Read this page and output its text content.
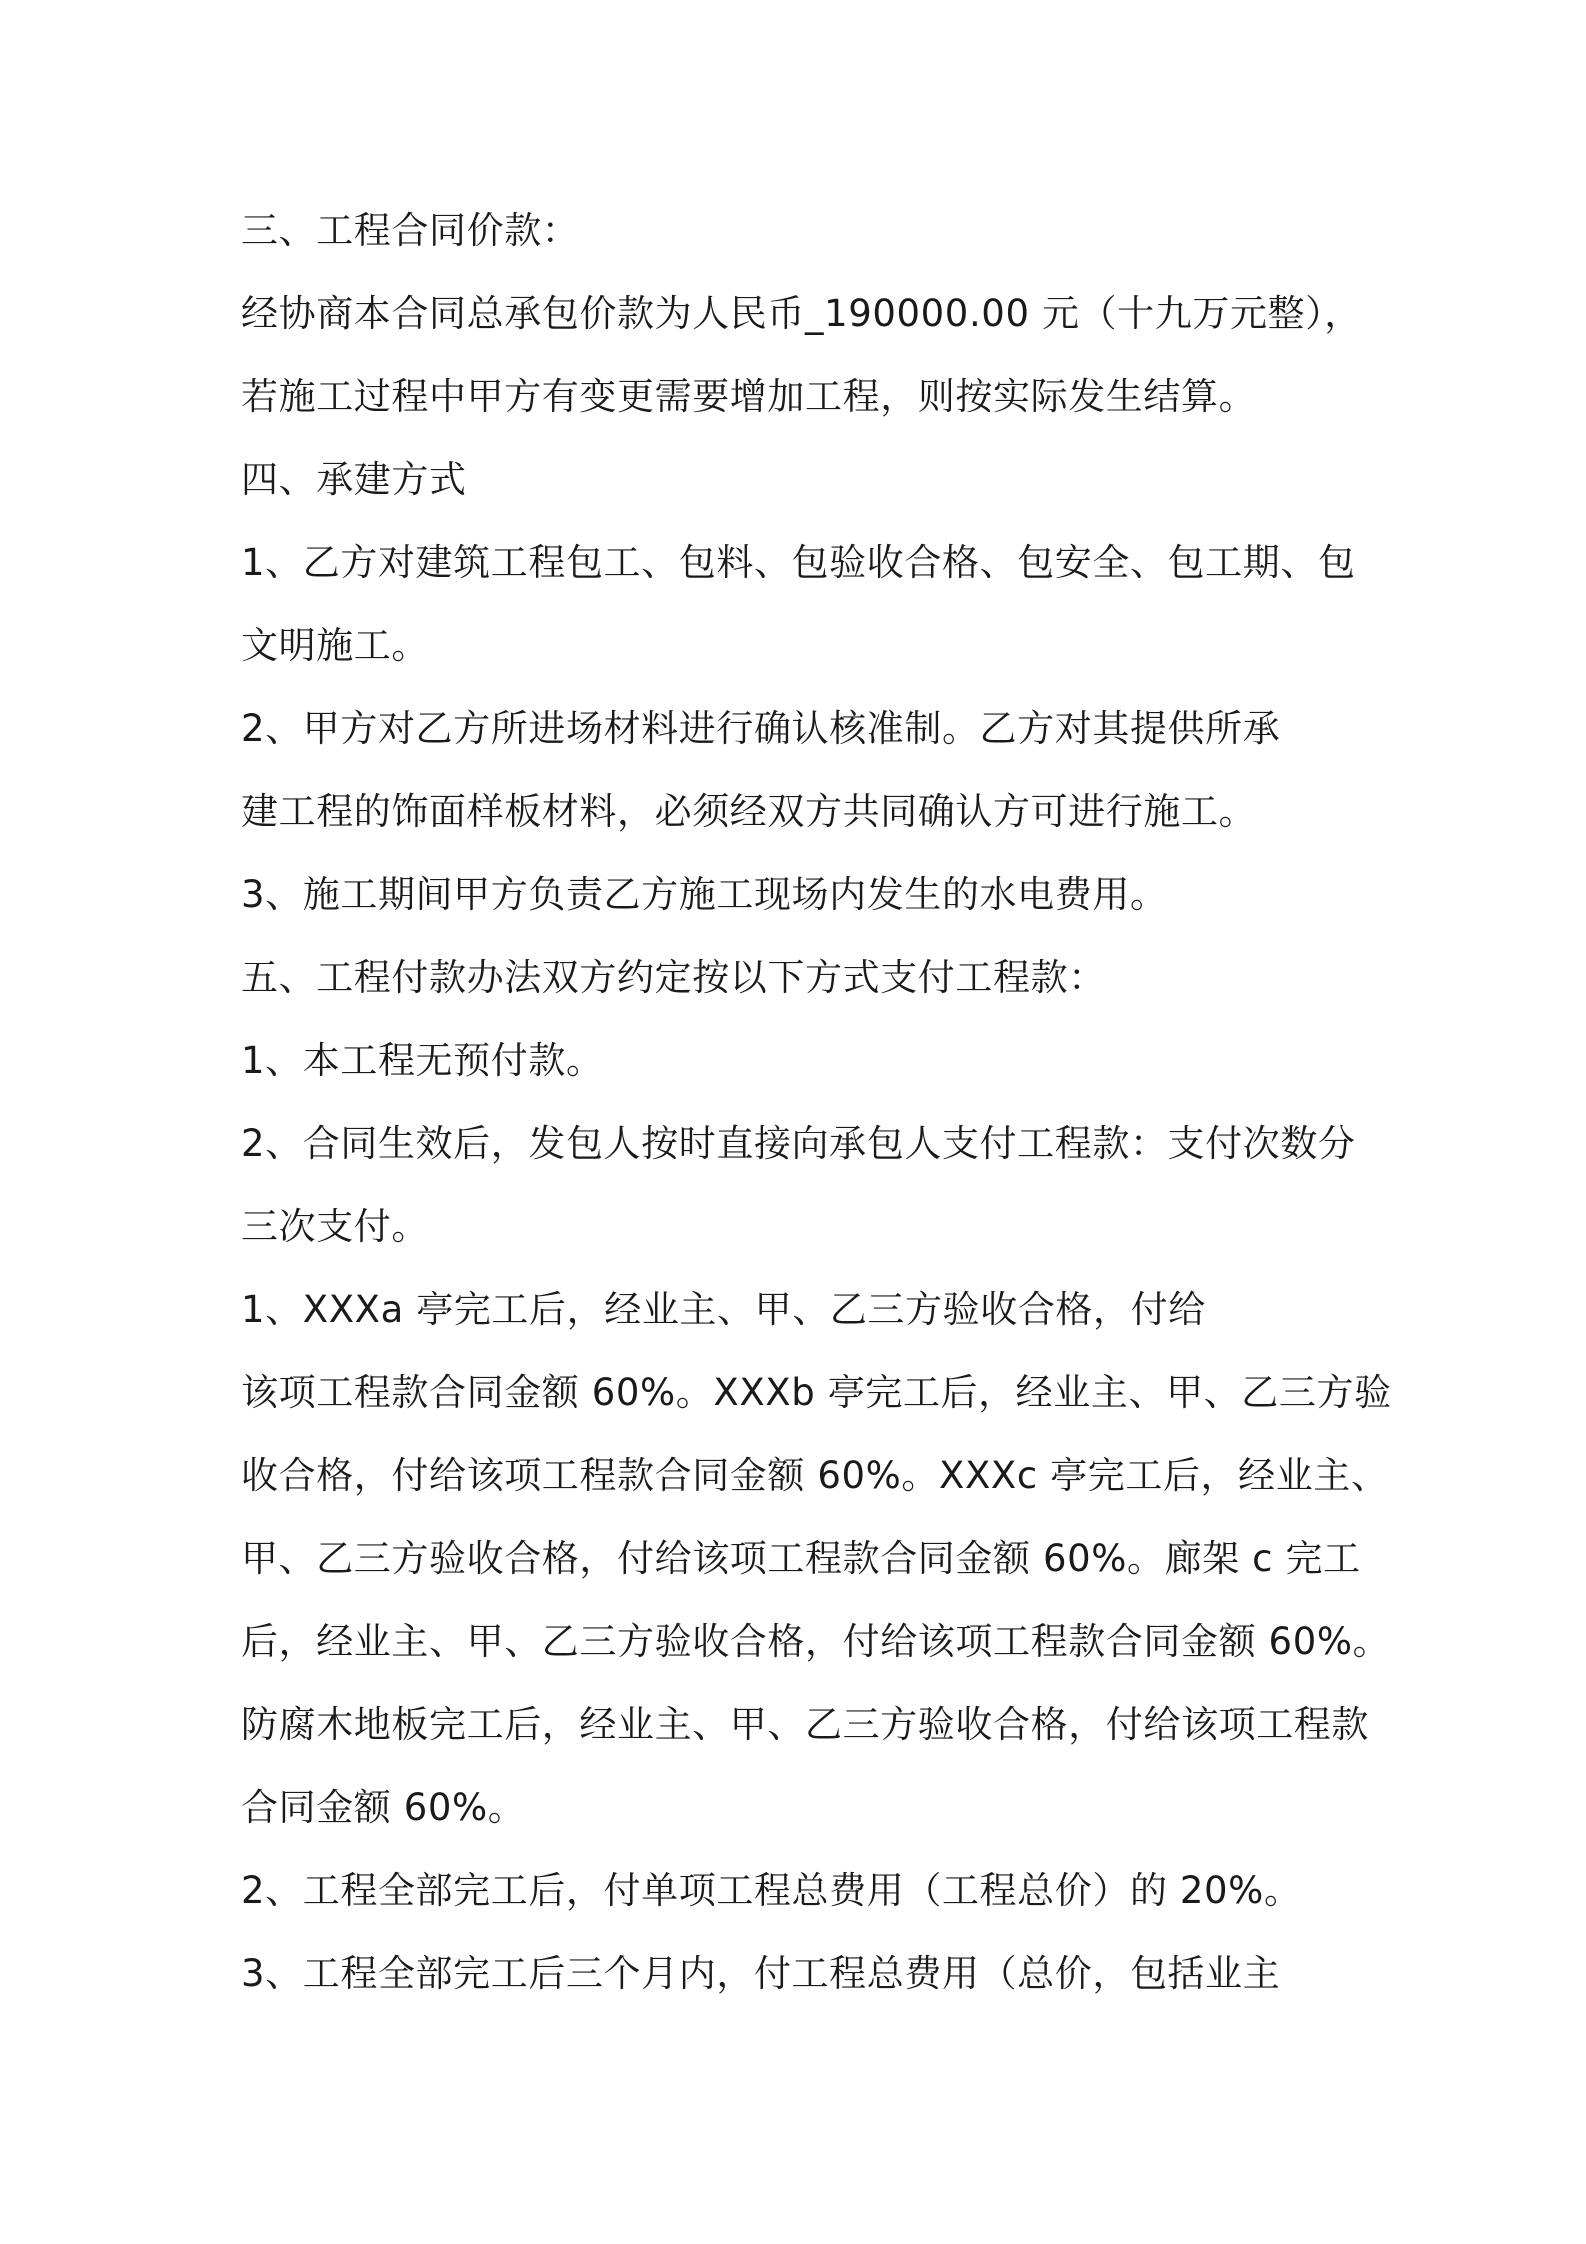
三、工程合同价款：
经协商本合同总承包价款为人民币_190000.00 元（十九万元整），
若施工过程中甲方有变更需要增加工程，则按实际发生结算。
四、承建方式
1、乙方对建筑工程包工、包料、包验收合格、包安全、包工期、包
文明施工。
2、甲方对乙方所进场材料进行确认核准制。乙方对其提供所承
建工程的饰面样板材料，必须经双方共同确认方可进行施工。
3、施工期间甲方负责乙方施工现场内发生的水电费用。
五、工程付款办法双方约定按以下方式支付工程款：
1、本工程无预付款。
2、合同生效后，发包人按时直接向承包人支付工程款：支付次数分
三次支付。
1、XXXa 亭完工后，经业主、甲、乙三方验收合格，付给
该项工程款合同金额 60%。XXXb 亭完工后，经业主、甲、乙三方验
收合格，付给该项工程款合同金额 60%。XXXc 亭完工后，经业主、
甲、乙三方验收合格，付给该项工程款合同金额 60%。廊架 c 完工
后，经业主、甲、乙三方验收合格，付给该项工程款合同金额 60%。
防腐木地板完工后，经业主、甲、乙三方验收合格，付给该项工程款
合同金额 60%。
2、工程全部完工后，付单项工程总费用（工程总价）的 20%。
3、工程全部完工后三个月内，付工程总费用（总价，包括业主
